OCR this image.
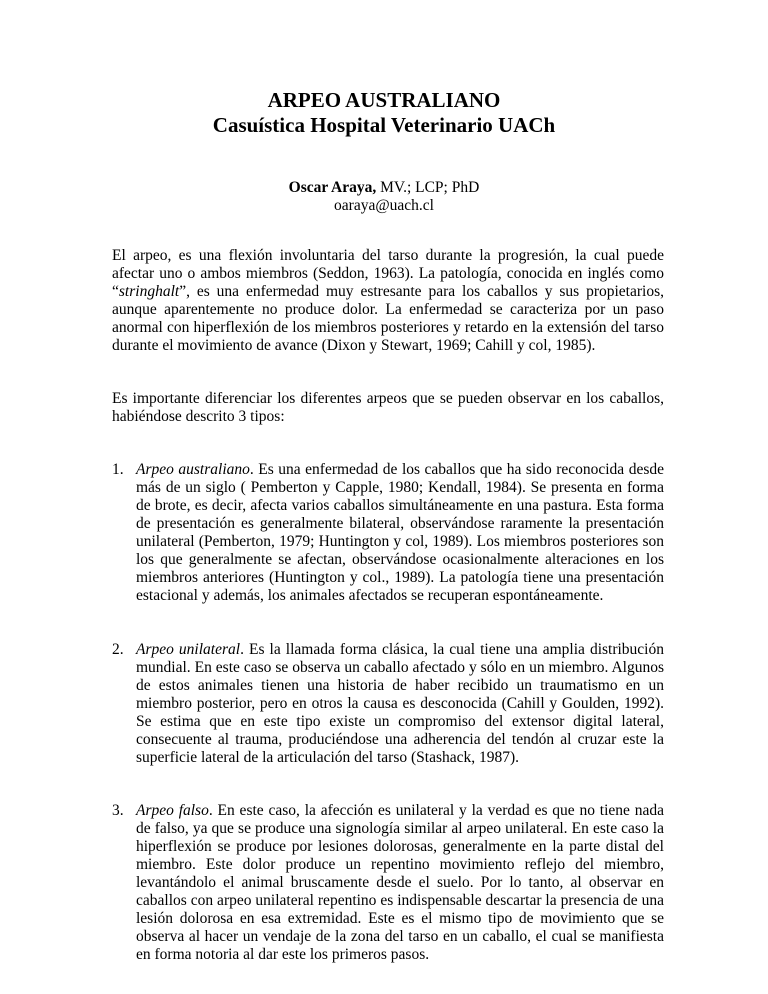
ARPEO AUSTRALIANO

Casuística Hospital Veterinario UACh

Oscar Araya, MV.; LCP; PhD
oaraya@uach.cl
El arpeo, es una flexión involuntaria del tarso durante la progresión, la cual puede afectar uno o ambos miembros (Seddon, 1963). La patología, conocida en inglés como “stringhalt”, es una enfermedad muy estresante para los caballos y sus propietarios, aunque aparentemente no produce dolor. La enfermedad se caracteriza por un paso anormal con hiperflexión de los miembros posteriores y retardo en la extensión del tarso durante el movimiento de avance (Dixon y Stewart, 1969; Cahill y col, 1985).
Es importante diferenciar los diferentes arpeos que se pueden observar en los caballos, habiéndose descrito 3 tipos:
1. Arpeo australiano. Es una enfermedad de los caballos que ha sido reconocida desde más de un siglo ( Pemberton y Capple, 1980; Kendall, 1984). Se presenta en forma de brote, es decir, afecta varios caballos simultáneamente en una pastura. Esta forma de presentación es generalmente bilateral, observándose raramente la presentación unilateral (Pemberton, 1979; Huntington y col, 1989). Los miembros posteriores son los que generalmente se afectan, observándose ocasionalmente alteraciones en los miembros anteriores (Huntington y col., 1989). La patología tiene una presentación estacional y además, los animales afectados se recuperan espontáneamente.
2. Arpeo unilateral. Es la llamada forma clásica, la cual tiene una amplia distribución mundial. En este caso se observa un caballo afectado y sólo en un miembro. Algunos de estos animales tienen una historia de haber recibido un traumatismo en un miembro posterior, pero en otros la causa es desconocida (Cahill y Goulden, 1992). Se estima que en este tipo existe un compromiso del extensor digital lateral, consecuente al trauma, produciéndose una adherencia del tendón al cruzar este la superficie lateral de la articulación del tarso (Stashack, 1987).
3. Arpeo falso. En este caso, la afección es unilateral y la verdad es que no tiene nada de falso, ya que se produce una signología similar al arpeo unilateral. En este caso la hiperflexión se produce por lesiones dolorosas, generalmente en la parte distal del miembro. Este dolor produce un repentino movimiento reflejo del miembro, levantándolo el animal bruscamente desde el suelo. Por lo tanto, al observar en caballos con arpeo unilateral repentino es indispensable descartar la presencia de una lesión dolorosa en esa extremidad. Este es el mismo tipo de movimiento que se observa al hacer un vendaje de la zona del tarso en un caballo, el cual se manifiesta en forma notoria al dar este los primeros pasos.
